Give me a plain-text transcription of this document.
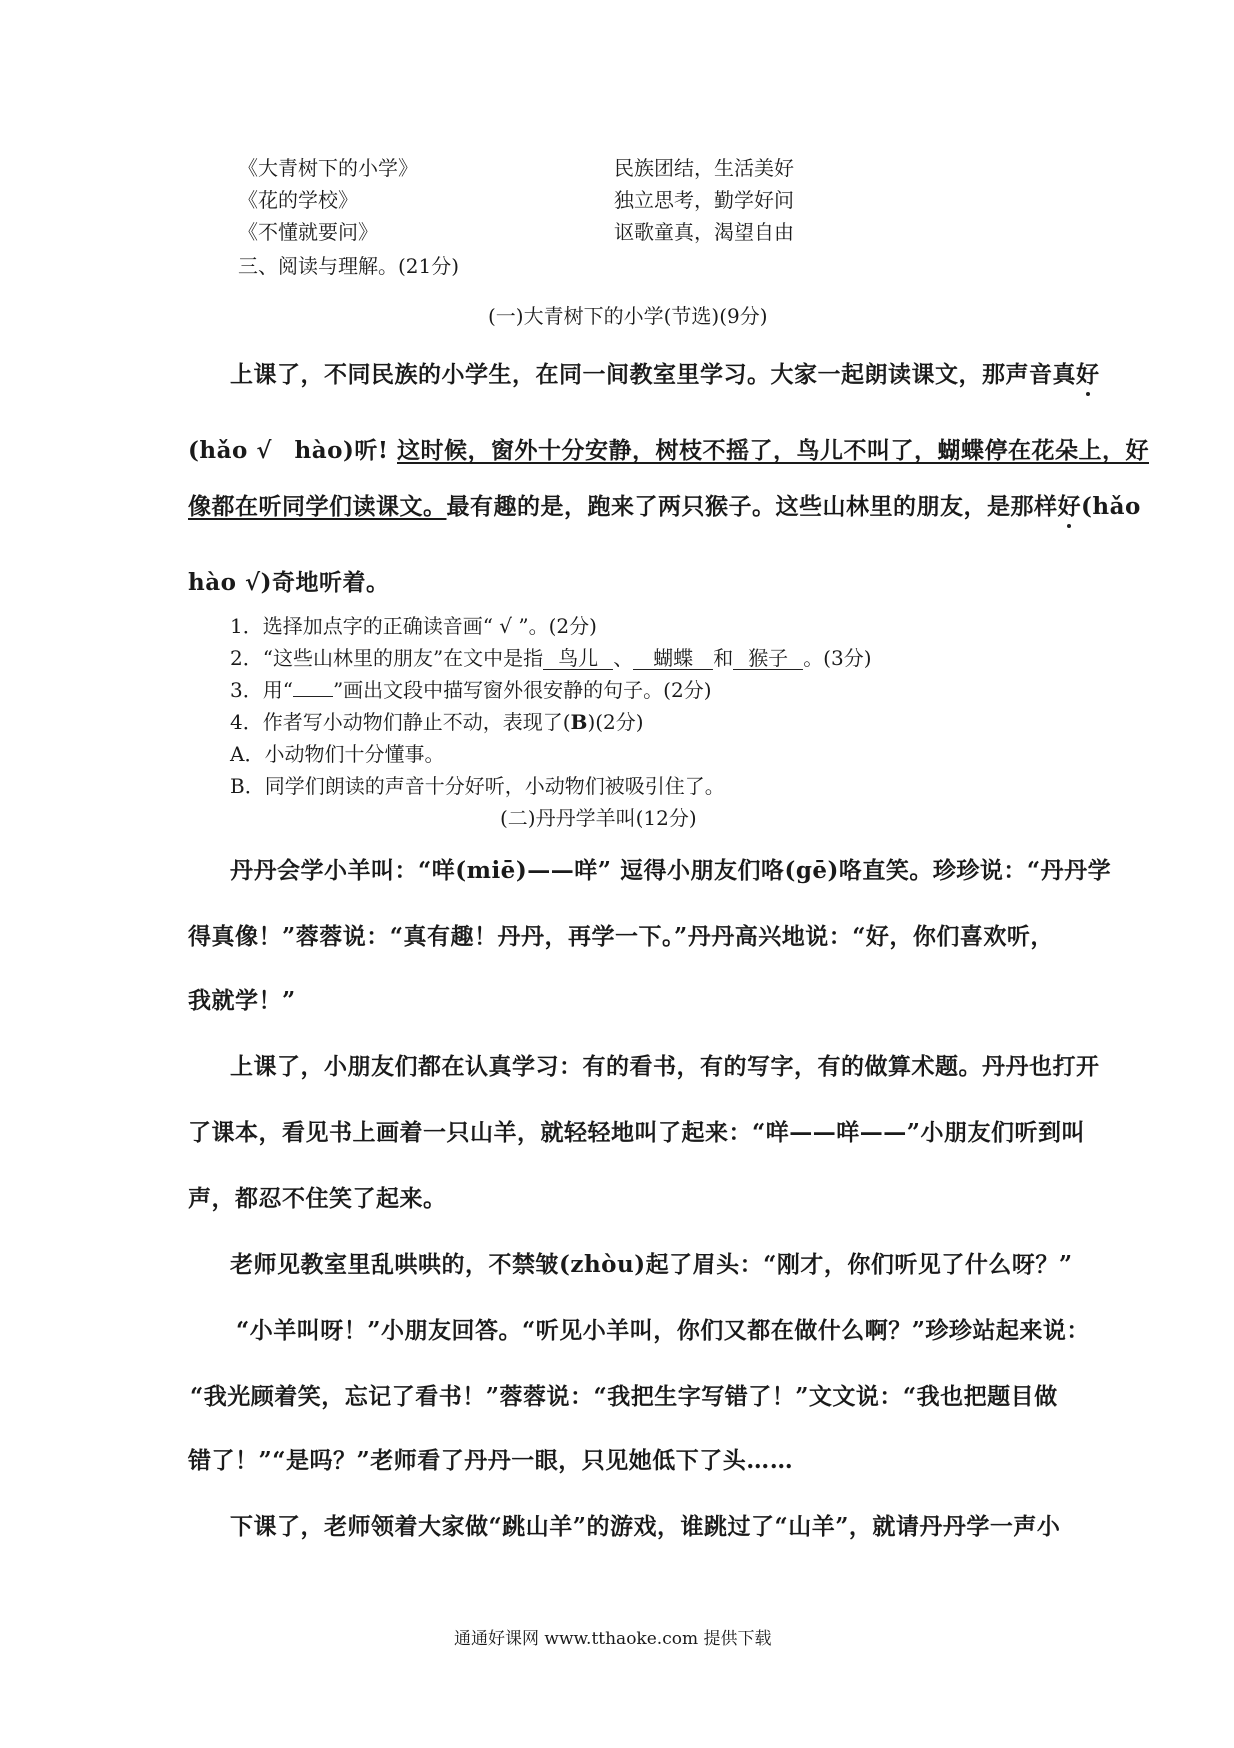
《大青树下的小学》
《花的学校》
《不懂就要问》
民族团结，生活美好
独立思考，勤学好问
讴歌童真，渴望自由
三、阅读与理解。(21分)
(一)大青树下的小学(节选)(9分)
上课了，不同民族的小学生，在同一间教室里学习。大家一起朗读课文，那声音真好
(hǎo √ hào)听! 这时候，窗外十分安静，树枝不摇了，鸟儿不叫了，蝴蝶停在花朵上，好
像都在听同学们读课文。最有趣的是，跑来了两只猴子。这些山林里的朋友，是那样好(hǎo
hào √)奇地听着。
1．选择加点字的正确读音画“ √ ”。(2分)
2．“这些山林里的朋友”在文中是指 鸟儿 、 蝴蝶 和 猴子 。(3分)
3．用“ ”画出文段中描写窗外很安静的句子。(2分)
4．作者写小动物们静止不动，表现了(B)(2分)
A．小动物们十分懂事。
B．同学们朗读的声音十分好听，小动物们被吸引住了。
(二)丹丹学羊叫(12分)
丹丹会学小羊叫：“咩(miē)——咩” 逗得小朋友们咯(gē)咯直笑。珍珍说：“丹丹学
得真像！”蓉蓉说：“真有趣！丹丹，再学一下。”丹丹高兴地说：“好，你们喜欢听，
我就学！”
上课了，小朋友们都在认真学习：有的看书，有的写字，有的做算术题。丹丹也打开
了课本，看见书上画着一只山羊，就轻轻地叫了起来：“咩——咩——”小朋友们听到叫
声，都忍不住笑了起来。
老师见教室里乱哄哄的，不禁皱(zhòu)起了眉头：“刚才，你们听见了什么呀？”
“小羊叫呀！”小朋友回答。“听见小羊叫，你们又都在做什么啊？”珍珍站起来说：
“我光顾着笑，忘记了看书！”蓉蓉说：“我把生字写错了！”文文说：“我也把题目做
错了！”“是吗？”老师看了丹丹一眼，只见她低下了头……
下课了，老师领着大家做“跳山羊”的游戏，谁跳过了“山羊”，就请丹丹学一声小
通通好课网 www.tthaoke.com 提供下载
